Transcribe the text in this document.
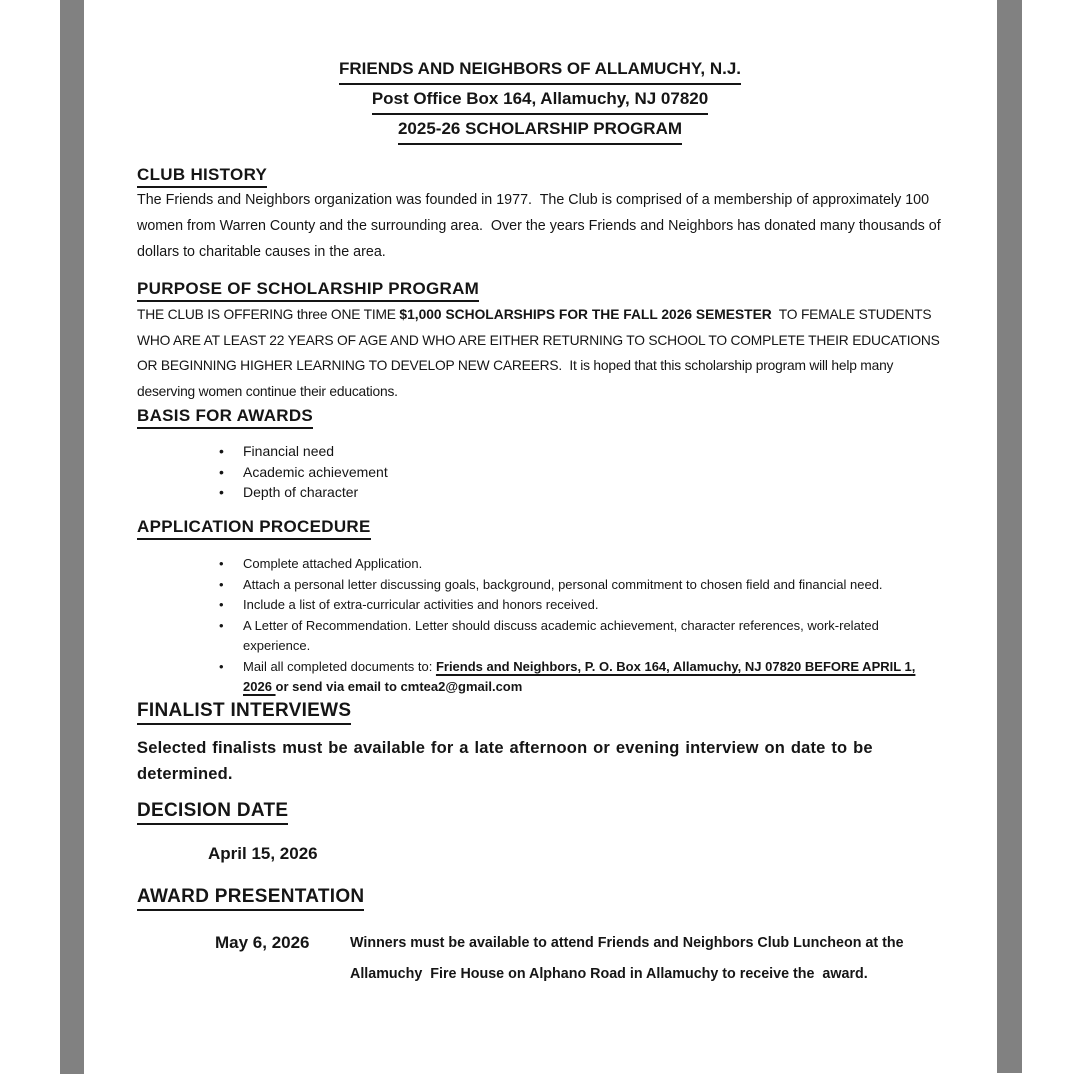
FRIENDS AND NEIGHBORS OF ALLAMUCHY, N.J.
Post Office Box 164, Allamuchy, NJ 07820
2025-26 SCHOLARSHIP PROGRAM
CLUB HISTORY
The Friends and Neighbors organization was founded in 1977.  The Club is comprised of a membership of approximately 100 women from Warren County and the surrounding area.  Over the years Friends and Neighbors has donated many thousands of dollars to charitable causes in the area.
PURPOSE OF SCHOLARSHIP PROGRAM
THE CLUB IS OFFERING three ONE TIME $1,000 SCHOLARSHIPS FOR THE FALL 2026 SEMESTER  TO FEMALE STUDENTS WHO ARE AT LEAST 22 YEARS OF AGE AND WHO ARE EITHER RETURNING TO SCHOOL TO COMPLETE THEIR EDUCATIONS OR BEGINNING HIGHER LEARNING TO DEVELOP NEW CAREERS.  It is hoped that this scholarship program will help many deserving women continue their educations.
BASIS FOR AWARDS
•	Financial need
•	Academic achievement
•	Depth of character
APPLICATION PROCEDURE
•	Complete attached Application.
•	Attach a personal letter discussing goals, background, personal commitment to chosen field and financial need.
•	Include a list of extra-curricular activities and honors received.
•	A Letter of Recommendation. Letter should discuss academic achievement, character references, work-related experience.
•	Mail all completed documents to: Friends and Neighbors, P. O. Box 164, Allamuchy, NJ 07820 BEFORE APRIL 1, 2026 or send via email to cmtea2@gmail.com
FINALIST INTERVIEWS
Selected finalists must be available for a late afternoon or evening interview on date to be determined.
DECISION DATE
April 15, 2026
AWARD PRESENTATION
May 6, 2026	Winners must be available to attend Friends and Neighbors Club Luncheon at the Allamuchy  Fire House on Alphano Road in Allamuchy to receive the  award.
